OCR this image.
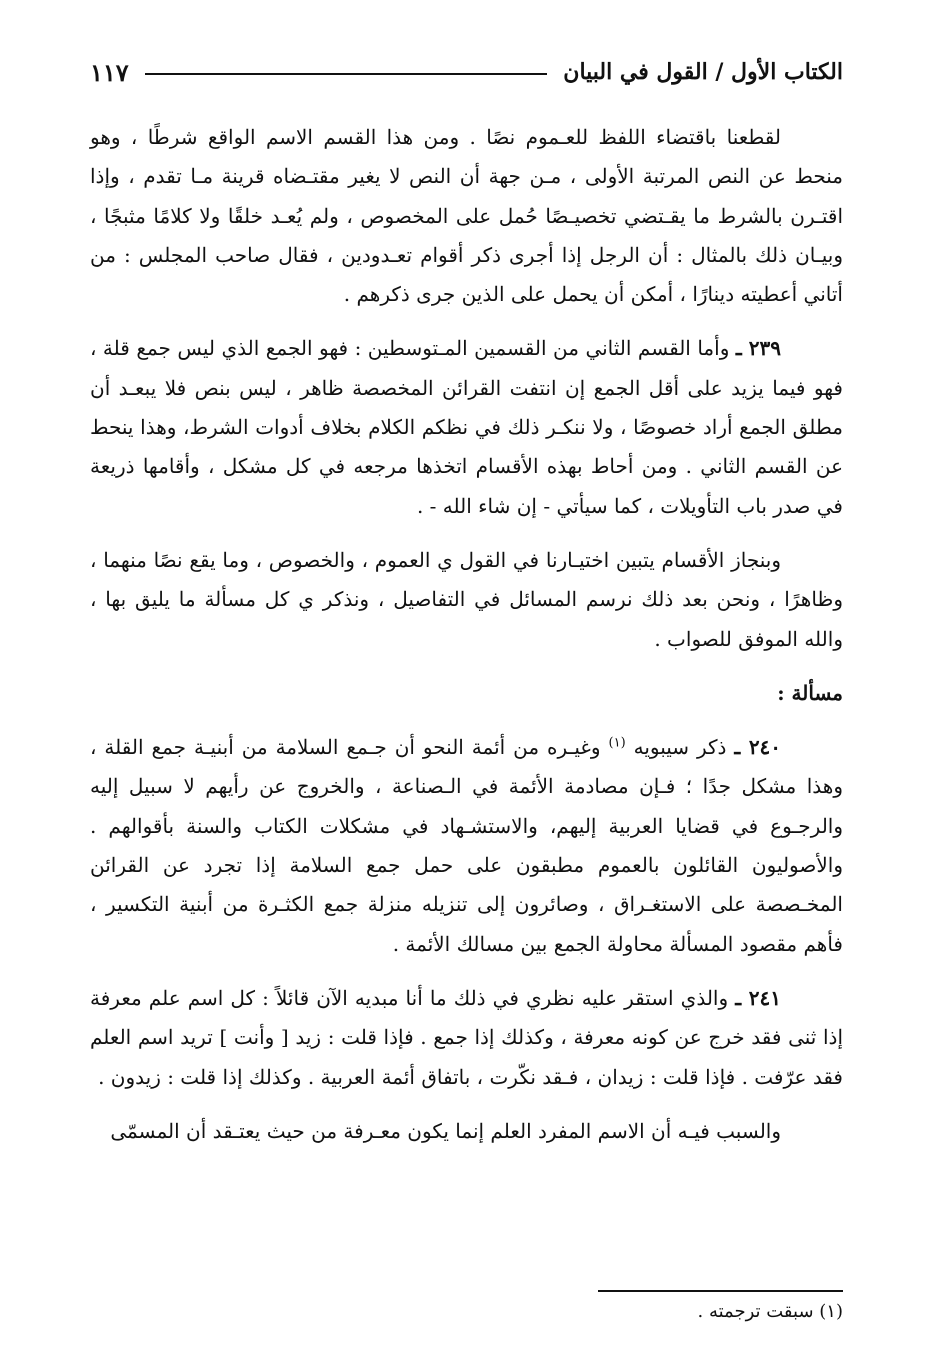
الكتاب الأول / القول في البيان
١١٧

لقطعنا باقتضاء اللفظ للعـموم نصًا . ومن هذا القسم الاسم الواقع شرطًا ، وهو منحط عن النص المرتبة الأولى ، مـن جهة أن النص لا يغير مقتـضاه قرينة مـا تقدم ، وإذا اقتـرن بالشرط ما يقـتضي تخصيـصًا حُمل على المخصوص ، ولم يُعـد خلقًا ولا كلامًا مثبجًا ، وبيـان ذلك بالمثال : أن الرجل إذا أجرى ذكر أقوام تعـدودين ، فقال صاحب المجلس : من أتاني أعطيته دينارًا ، أمكن أن يحمل على الذين جرى ذكرهم .

٢٣٩ ـ وأما القسم الثاني من القسمين المـتوسطين : فهو الجمع الذي ليس جمع قلة ، فهو فيما يزيد على أقل الجمع إن انتفت القرائن المخصصة ظاهر ، ليس بنص فلا يبعـد أن مطلق الجمع أراد خصوصًا ، ولا ننكـر ذلك في نظكم الكلام بخلاف أدوات الشرط، وهذا ينحط عن القسم الثاني . ومن أحاط بهذه الأقسام اتخذها مرجعه في كل مشكل ، وأقامها ذريعة في صدر باب التأويلات ، كما سيأتي - إن شاء الله - .

وبنجاز الأقسام يتبين اختيـارنا في القول ي العموم ، والخصوص ، وما يقع نصًا منهما ، وظاهرًا ، ونحن بعد ذلك نرسم المسائل في التفاصيل ، ونذكر ي كل مسألة ما يليق بها ، والله الموفق للصواب .

مسألة :

٢٤٠ ـ ذكر سيبويه $^{(١)}$ وغيـره من أئمة النحو أن جـمع السلامة من أبنيـة جمع القلة ، وهذا مشكل جدًا ؛ فـإن مصادمة الأئمة في الـصناعة ، والخروج عن رأيهم لا سبيل إليه والرجـوع في قضايا العربية إليهم، والاستشـهاد في مشكلات الكتاب والسنة بأقوالهم . والأصوليون القائلون بالعموم مطبقون على حمل جمع السلامة إذا تجرد عن القرائن المخـصصة على الاستغـراق ، وصائرون إلى تنزيله منزلة جمع الكثـرة من أبنية التكسير ، فأهم مقصود المسألة محاولة الجمع بين مسالك الأئمة .

٢٤١ ـ والذي استقر عليه نظري في ذلك ما أنا مبديه الآن قائلاً : كل اسم علم معرفة إذا ثنى فقد خرج عن كونه معرفة ، وكذلك إذا جمع . فإذا قلت : زيد [ وأنت ] تريد اسم العلم فقد عرّفت . فإذا قلت : زيدان ، فـقد نكّرت ، باتفاق أئمة العربية . وكذلك إذا قلت : زيدون .

والسبب فيـه أن الاسم المفرد العلم إنما يكون معـرفة من حيث يعتـقد أن المسمّى

(١) سبقت ترجمته .
